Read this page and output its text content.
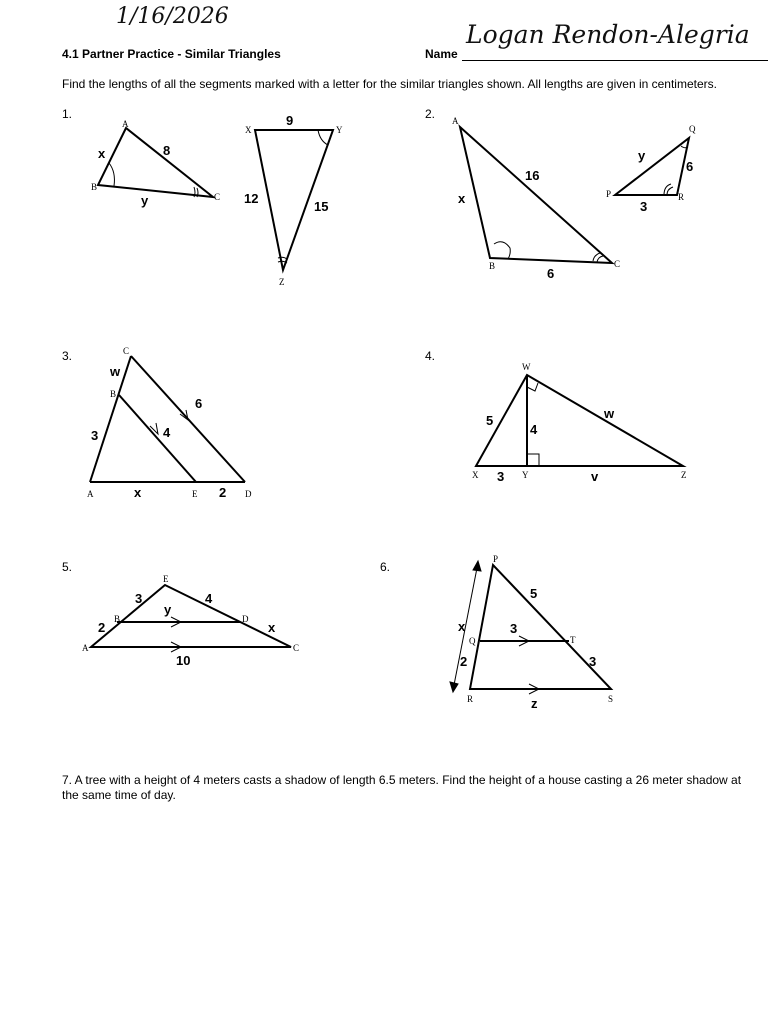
1/16/2026
4.1 Partner Practice - Similar Triangles	Name
Logan Rendon-Alegria
Find the lengths of all the segments marked with a letter for the similar triangles shown. All lengths are given in centimeters.
1.	2.
3.	4.
5.	6.
A
B
C
x	8
y
X	Y
Z
9
12
15
A
B	C
x
16
6
P
Q
R
y
6
3
C
B
A	E	D
w
3
6
4
x	2
W
X	Y	Z
5
4
w
3	v
E
B	D
A	C
3	4
y
2	x
10
P
Q	T
R	S
5
x	3
2	3
z
7. A tree with a height of 4 meters casts a shadow of length 6.5 meters. Find the height of a house casting a 26 meter shadow at the same time of day.
